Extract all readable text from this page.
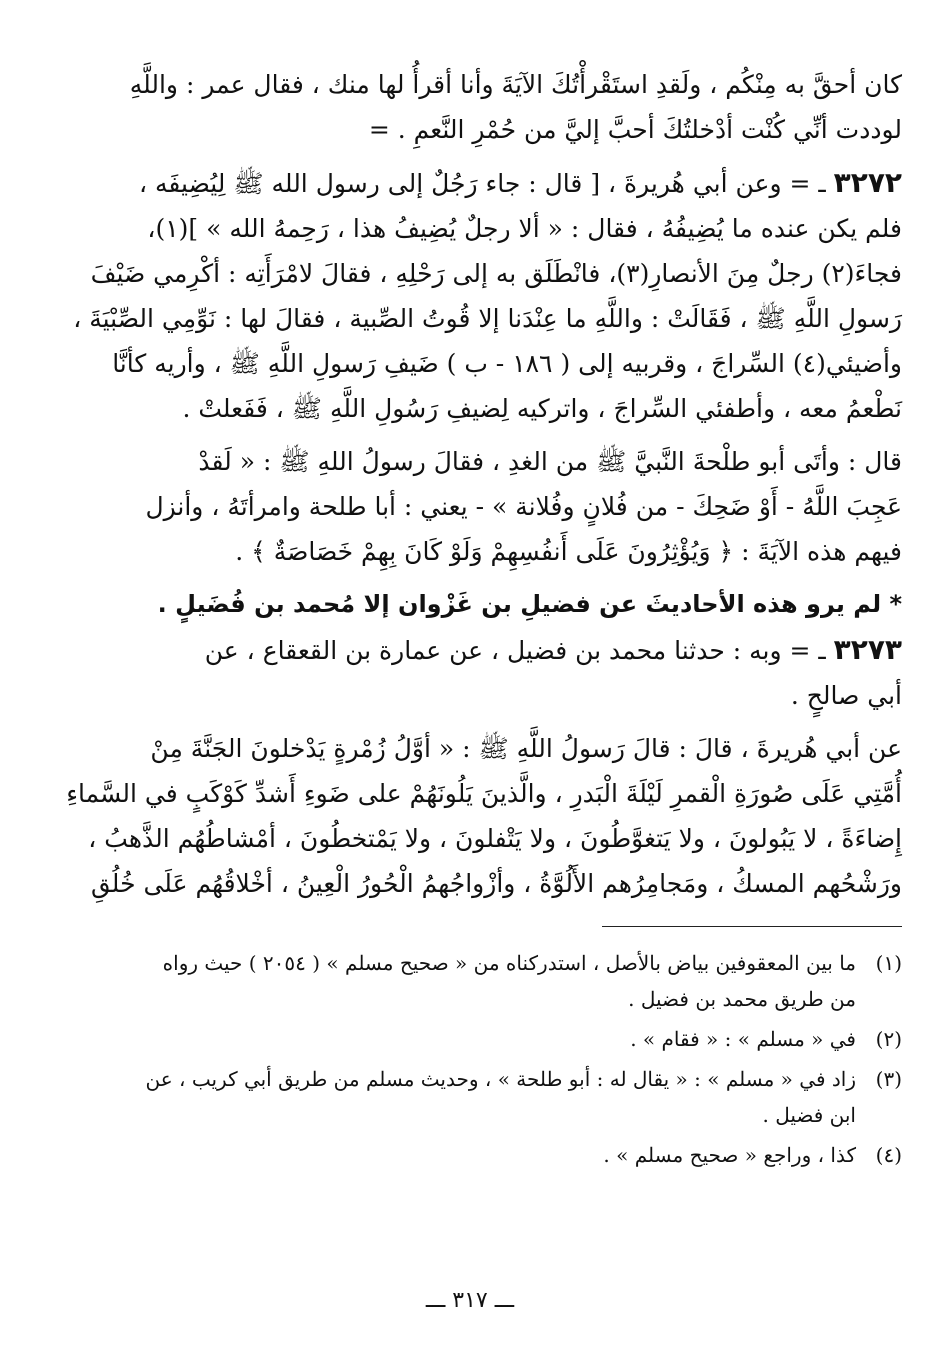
كان أحقَّ به مِنْكُم ، ولَقدِ استَقْرأْتُكَ الآيَةَ وأنا أقرأُ لها منك ، فقال عمر : واللَّهِ
لوددت أنِّي كُنْت أدْخلتُكَ أحبَّ إليَّ من حُمْرِ النَّعمِ . =

٣٢٧٢ ـ = وعن أبي هُريرةَ ، [ قال : جاء رَجُلٌ إلى رسول الله ﷺ لِيُضِيفَه ،
فلم يكن عنده ما يُضِيفُهُ ، فقال : « ألا رجلٌ يُضِيفُ هذا ، رَحِمهُ الله » ](١)،
فجاءَ(٢) رجلٌ مِنَ الأنصارِ(٣)، فانْطَلَق به إلى رَحْلِهِ ، فقالَ لامْرَأَتِه : أكْرِمي ضَيْفَ
رَسولِ اللَّهِ ﷺ ، فَقَالَتْ : واللَّهِ ما عِنْدَنا إلا قُوتُ الصِّبية ، فقالَ لها : نَوِّمِي الصِّبْيَةَ ،
وأضيئي(٤) السِّراجَ ، وقربيه إلى ( ١٨٦ - ب ) ضَيفِ رَسولِ اللَّهِ ﷺ ، وأريه كأنَّا
نَطْعمُ معه ، وأطفئي السِّراجَ ، واتركيه لِضيفِ رَسُولِ اللَّهِ ﷺ ، فَفَعلتْ .

قال : وأتَى أبو طلْحةَ النَّبيَّ ﷺ من الغدِ ، فقالَ رسولُ اللهِ ﷺ : « لَقدْ
عَجِبَ اللَّهُ - أَوْ ضَحِكَ - من فُلانٍ وفُلانة » - يعني : أبا طلحة وامرأتَهُ ، وأنزل
فيهم هذه الآيَةَ : ﴿ وَيُؤْثِرُونَ عَلَى أَنفُسِهِمْ وَلَوْ كَانَ بِهِمْ خَصَاصَةٌ ﴾ .

* لم يرو هذه الأحاديثَ عن فضيلِ بن غَزْوان إلا مُحمد بن فُضَيلٍ .

٣٢٧٣ ـ = وبه : حدثنا محمد بن فضيل ، عن عمارة بن القعقاع ، عن
أبي صالحٍ .

عن أبي هُريرةَ ، قالَ : قالَ رَسولُ اللَّهِ ﷺ : « أوَّلُ زُمْرةٍ يَدْخلونَ الجَنَّةَ مِنْ
أُمَّتِي عَلَى صُورَةِ الْقمرِ لَيْلَةَ الْبَدرِ ، والَّذينَ يَلُونَهُمْ على ضَوءِ أَشدِّ كَوْكَبٍ في السَّماءِ
إِضاءَةً ، لا يَبُولونَ ، ولا يَتغوَّطُونَ ، ولا يَتْفلونَ ، ولا يَمْتخطُونَ ، أمْشاطُهُم الذَّهبُ ،
ورَشْحُهم المسكُ ، ومَجامِرُهم الأَلُوَّةُ ، وأزْواجُهمُ الْحُورُ الْعِينُ ، أخْلاقُهُم عَلَى خُلُقِ

(١)
ما بين المعقوفين بياض بالأصل ، استدركناه من « صحيح مسلم » ( ٢٠٥٤ ) حيث رواه
من طريق محمد بن فضيل .
(٢)
في « مسلم » : « فقام » .
(٣)
زاد في « مسلم » : « يقال له : أبو طلحة » ، وحديث مسلم من طريق أبي كريب ، عن
ابن فضيل .
(٤)
كذا ، وراجع « صحيح مسلم » .
ـــ ٣١٧ ـــ
